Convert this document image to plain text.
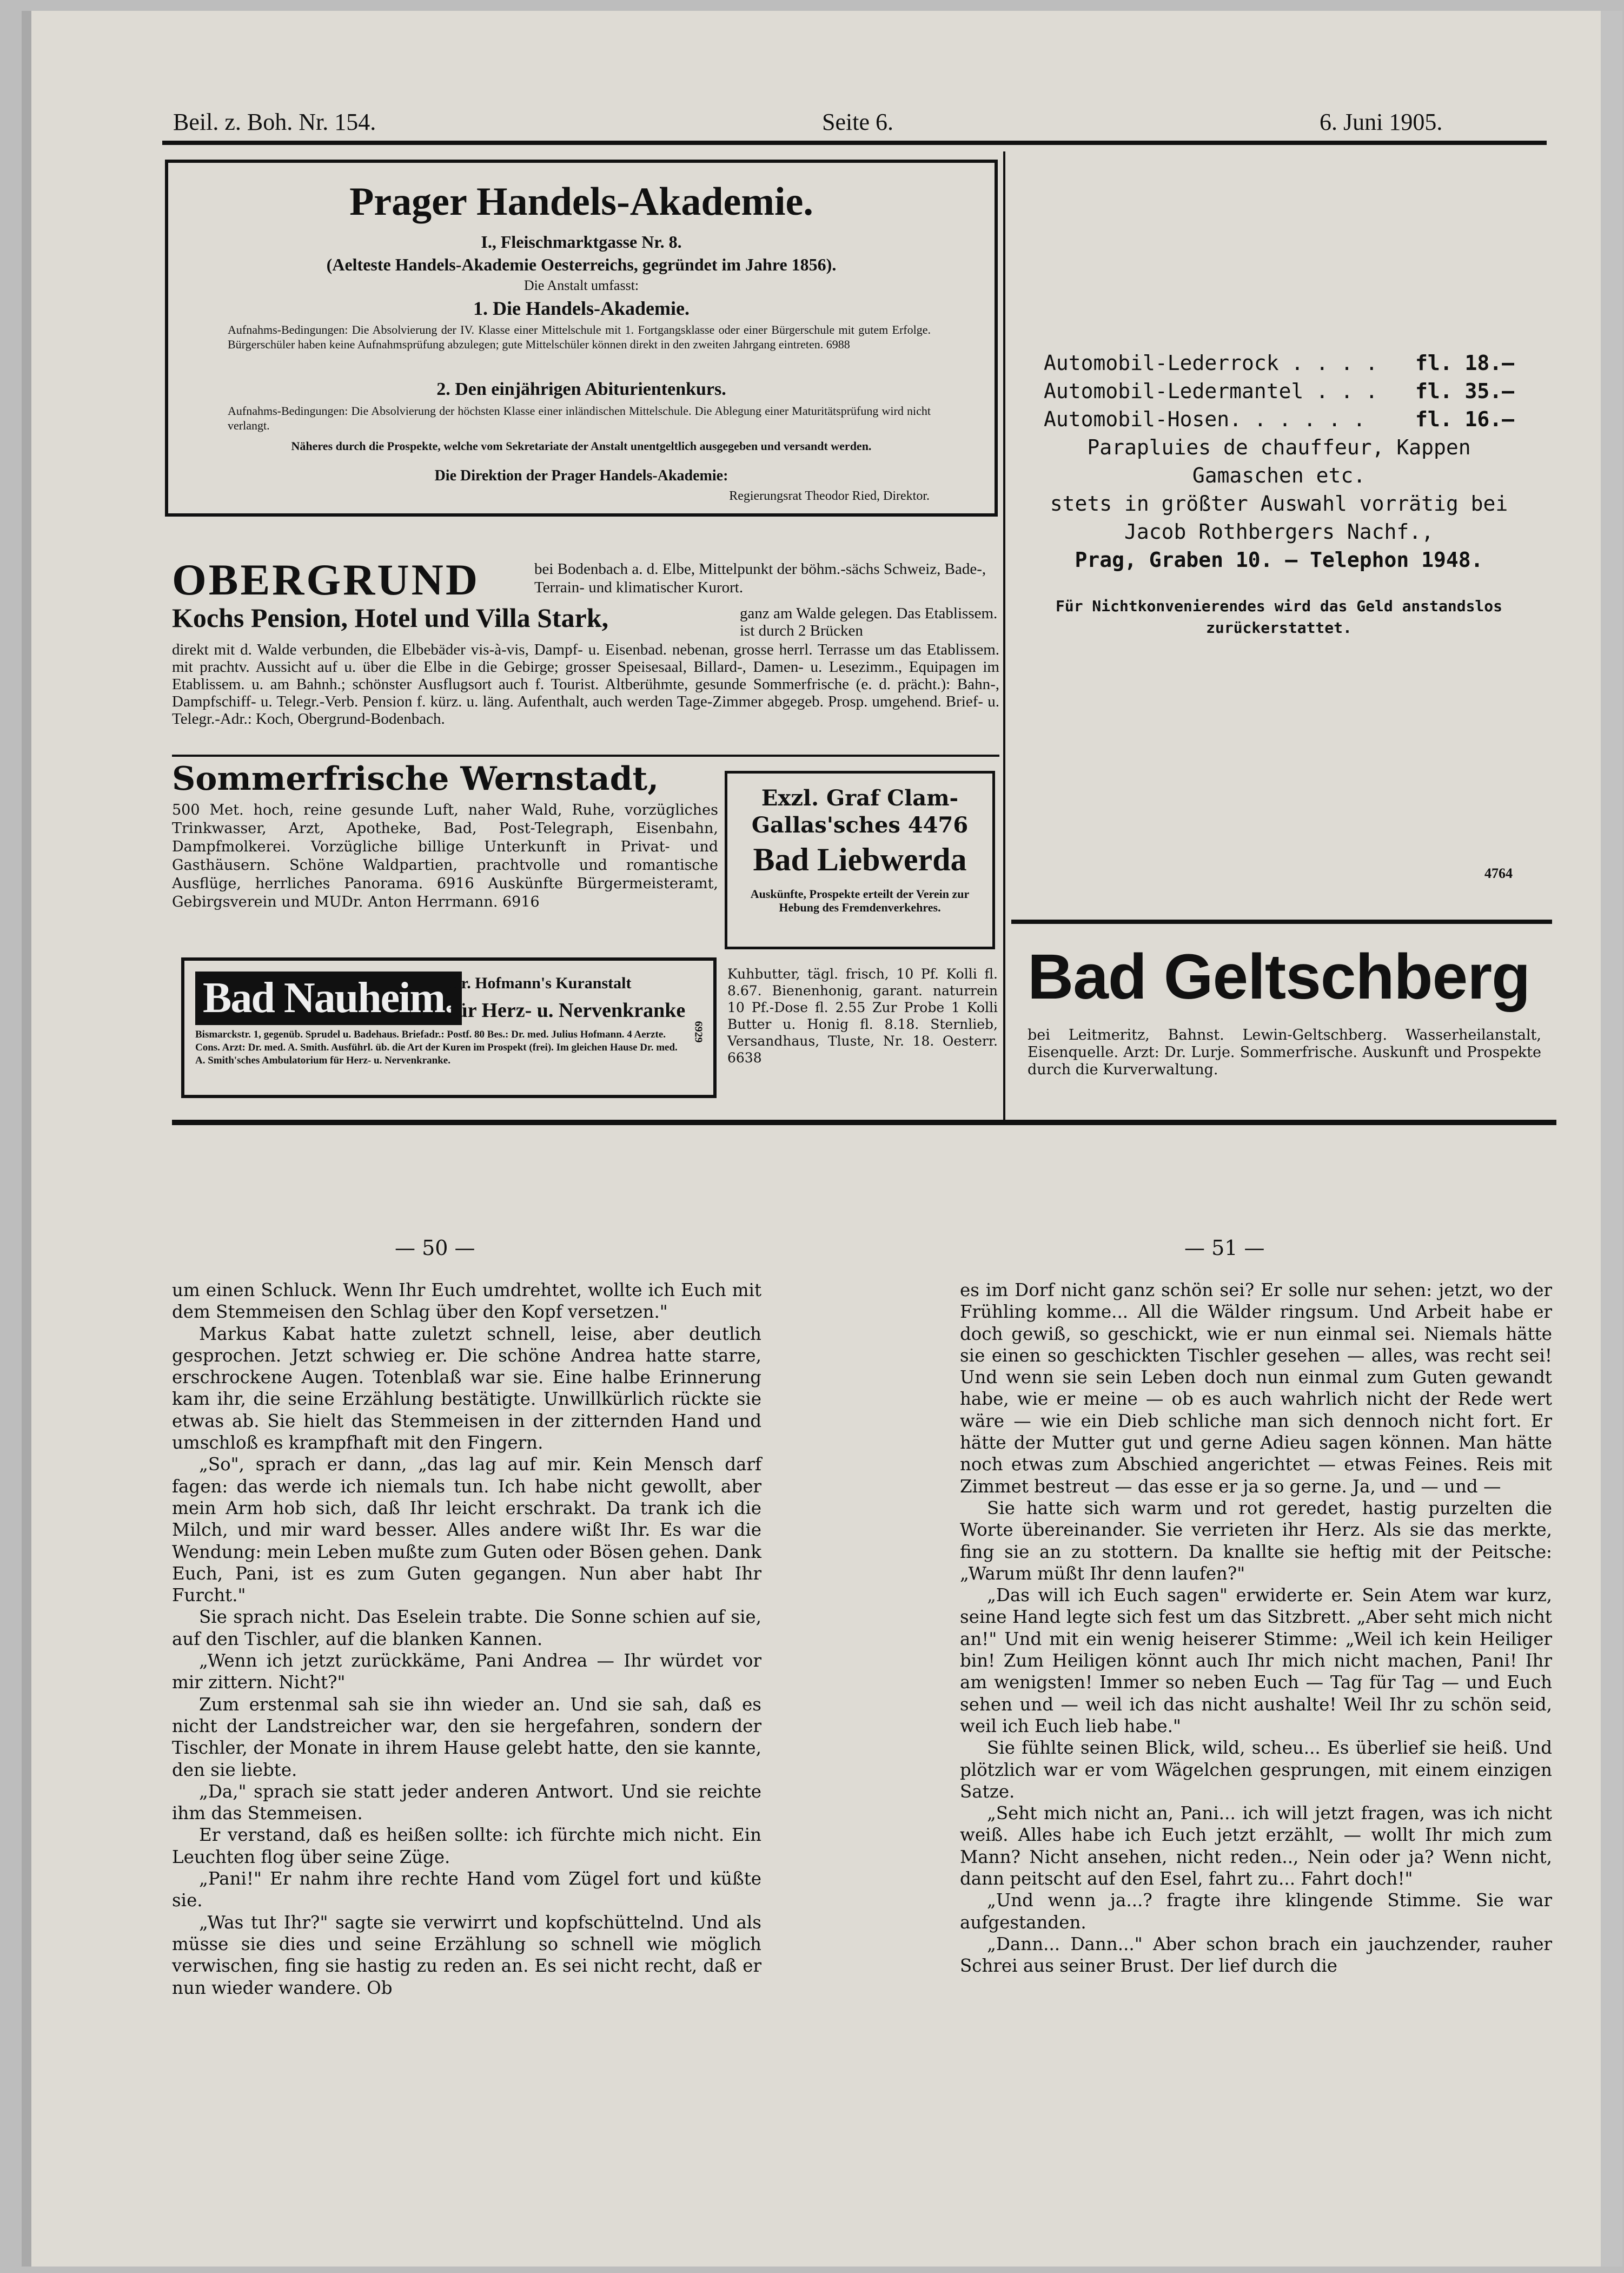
Beil. z. Boh. Nr. 154.	Seite 6.	6. Juni 1905.
Prager Handels-Akademie.
I., Fleischmarktgasse Nr. 8.
(Aelteste Handels-Akademie Oesterreichs, gegründet im Jahre 1856).
Die Anstalt umfasst:
1. Die Handels-Akademie.
Aufnahms-Bedingungen: Die Absolvierung der IV. Klasse einer Mittelschule mit 1. Fortgangsklasse oder einer Bürgerschule mit gutem Erfolge. Bürgerschüler haben keine Aufnahmsprüfung abzulegen; gute Mittelschüler können direkt in den zweiten Jahrgang eintreten. 6988
2. Den einjährigen Abiturientenkurs.
Aufnahms-Bedingungen: Die Absolvierung der höchsten Klasse einer inländischen Mittelschule. Die Ablegung einer Maturitätsprüfung wird nicht verlangt.
Näheres durch die Prospekte, welche vom Sekretariate der Anstalt unentgeltlich ausgegeben und versandt werden.
Die Direktion der Prager Handels-Akademie:
Regierungsrat Theodor Ried, Direktor.
Automobil-Lederrock . . . . fl. 18.—
Automobil-Ledermantel . . . fl. 35.—
Automobil-Hosen. . . . . . fl. 16.—
Parapluies de chauffeur, Kappen
Gamaschen etc.
stets in größter Auswahl vorrätig bei
Jacob Rothbergers Nachf.,
Prag, Graben 10. — Telephon 1948.
Für Nichtkonvenierendes wird das Geld anstandslos zurückerstattet.
4764
OBERGRUND	bei Bodenbach a. d. Elbe, Mittelpunkt der böhm.-sächs Schweiz, Bade-, Terrain- und klimatischer Kurort.
Kochs Pension, Hotel und Villa Stark,	ganz am Walde gelegen. Das Etablissem. ist durch 2 Brücken
direkt mit d. Walde verbunden, die Elbebäder vis-à-vis, Dampf- u. Eisenbad. nebenan, grosse herrl. Terrasse um das Etablissem. mit prachtv. Aussicht auf u. über die Elbe in die Gebirge; grosser Speisesaal, Billard-, Damen- u. Lesezimm., Equipagen im Etablissem. u. am Bahnh.; schönster Ausflugsort auch f. Tourist. Altberühmte, gesunde Sommerfrische (e. d. prächt.): Bahn-, Dampfschiff- u. Telegr.-Verb. Pension f. kürz. u. läng. Aufenthalt, auch werden Tage-Zimmer abgegeb. Prosp. umgehend. Brief- u. Telegr.-Adr.: Koch, Obergrund-Bodenbach.
Sommerfrische Wernstadt,
500 Met. hoch, reine gesunde Luft, naher Wald, Ruhe, vorzügliches Trinkwasser, Arzt, Apotheke, Bad, Post-Telegraph, Eisenbahn, Dampfmolkerei. Vorzügliche billige Unterkunft in Privat- und Gasthäusern. Schöne Waldpartien, prachtvolle und romantische Ausflüge, herrliches Panorama. 6916 Auskünfte Bürgermeisteramt, Gebirgsverein und MUDr. Anton Herrmann. 6916
Exzl. Graf Clam-
Gallas'sches 4476
Bad Liebwerda
Auskünfte, Prospekte erteilt der Verein zur Hebung des Fremdenverkehres.
Bad Nauheim.
Dr. Hofmann's Kuranstalt
für Herz- u. Nervenkranke
Bismarckstr. 1, gegenüb. Sprudel u. Badehaus. Briefadr.: Postf. 80 Bes.: Dr. med. Julius Hofmann. 4 Aerzte. Cons. Arzt: Dr. med. A. Smith. Ausführl. üb. die Art der Kuren im Prospekt (frei). Im gleichen Hause Dr. med. A. Smith'sches Ambulatorium für Herz- u. Nervenkranke.
6929
Kuhbutter, tägl. frisch, 10 Pf. Kolli fl. 8.67. Bienenhonig, garant. naturrein 10 Pf.-Dose fl. 2.55 Zur Probe 1 Kolli Butter u. Honig fl. 8.18. Sternlieb, Versandhaus, Tluste, Nr. 18. Oesterr. 6638
Bad Geltschberg
bei Leitmeritz, Bahnst. Lewin-Geltschberg. Wasserheilanstalt, Eisenquelle. Arzt: Dr. Lurje. Sommerfrische. Auskunft und Prospekte durch die Kurverwaltung.
— 50 —	— 51 —

um einen Schluck. Wenn Ihr Euch umdrehtet, wollte ich Euch mit dem Stemmeisen den Schlag über den Kopf versetzen."

Markus Kabat hatte zuletzt schnell, leise, aber deutlich gesprochen. Jetzt schwieg er. Die schöne Andrea hatte starre, erschrockene Augen. Totenblaß war sie. Eine halbe Erinnerung kam ihr, die seine Erzählung bestätigte. Unwillkürlich rückte sie etwas ab. Sie hielt das Stemmeisen in der zitternden Hand und umschloß es krampfhaft mit den Fingern.

„So", sprach er dann, „das lag auf mir. Kein Mensch darf fagen: das werde ich niemals tun. Ich habe nicht gewollt, aber mein Arm hob sich, daß Ihr leicht erschrakt. Da trank ich die Milch, und mir ward besser. Alles andere wißt Ihr. Es war die Wendung: mein Leben mußte zum Guten oder Bösen gehen. Dank Euch, Pani, ist es zum Guten gegangen. Nun aber habt Ihr Furcht."

Sie sprach nicht. Das Eselein trabte. Die Sonne schien auf sie, auf den Tischler, auf die blanken Kannen.

„Wenn ich jetzt zurückkäme, Pani Andrea — Ihr würdet vor mir zittern. Nicht?"

Zum erstenmal sah sie ihn wieder an. Und sie sah, daß es nicht der Landstreicher war, den sie hergefahren, sondern der Tischler, der Monate in ihrem Hause gelebt hatte, den sie kannte, den sie liebte.

„Da," sprach sie statt jeder anderen Antwort. Und sie reichte ihm das Stemmeisen.

Er verstand, daß es heißen sollte: ich fürchte mich nicht. Ein Leuchten flog über seine Züge.

„Pani!" Er nahm ihre rechte Hand vom Zügel fort und küßte sie.

„Was tut Ihr?" sagte sie verwirrt und kopfschüttelnd. Und als müsse sie dies und seine Erzählung so schnell wie möglich verwischen, fing sie hastig zu reden an. Es sei nicht recht, daß er nun wieder wandere. Ob

es im Dorf nicht ganz schön sei? Er solle nur sehen: jetzt, wo der Frühling komme... All die Wälder ringsum. Und Arbeit habe er doch gewiß, so geschickt, wie er nun einmal sei. Niemals hätte sie einen so geschickten Tischler gesehen — alles, was recht sei! Und wenn sie sein Leben doch nun einmal zum Guten gewandt habe, wie er meine — ob es auch wahrlich nicht der Rede wert wäre — wie ein Dieb schliche man sich dennoch nicht fort. Er hätte der Mutter gut und gerne Adieu sagen können. Man hätte noch etwas zum Abschied angerichtet — etwas Feines. Reis mit Zimmet bestreut — das esse er ja so gerne. Ja, und — und —

Sie hatte sich warm und rot geredet, hastig purzelten die Worte übereinander. Sie verrieten ihr Herz. Als sie das merkte, fing sie an zu stottern. Da knallte sie heftig mit der Peitsche: „Warum müßt Ihr denn laufen?"

„Das will ich Euch sagen" erwiderte er. Sein Atem war kurz, seine Hand legte sich fest um das Sitzbrett. „Aber seht mich nicht an!" Und mit ein wenig heiserer Stimme: „Weil ich kein Heiliger bin! Zum Heiligen könnt auch Ihr mich nicht machen, Pani! Ihr am wenigsten! Immer so neben Euch — Tag für Tag — und Euch sehen und — weil ich das nicht aushalte! Weil Ihr zu schön seid, weil ich Euch lieb habe."

Sie fühlte seinen Blick, wild, scheu... Es überlief sie heiß. Und plötzlich war er vom Wägelchen gesprungen, mit einem einzigen Satze.

„Seht mich nicht an, Pani... ich will jetzt fragen, was ich nicht weiß. Alles habe ich Euch jetzt erzählt, — wollt Ihr mich zum Mann? Nicht ansehen, nicht reden.., Nein oder ja? Wenn nicht, dann peitscht auf den Esel, fahrt zu... Fahrt doch!"

„Und wenn ja...? fragte ihre klingende Stimme. Sie war aufgestanden.

„Dann... Dann..." Aber schon brach ein jauchzender, rauher Schrei aus seiner Brust. Der lief durch die
